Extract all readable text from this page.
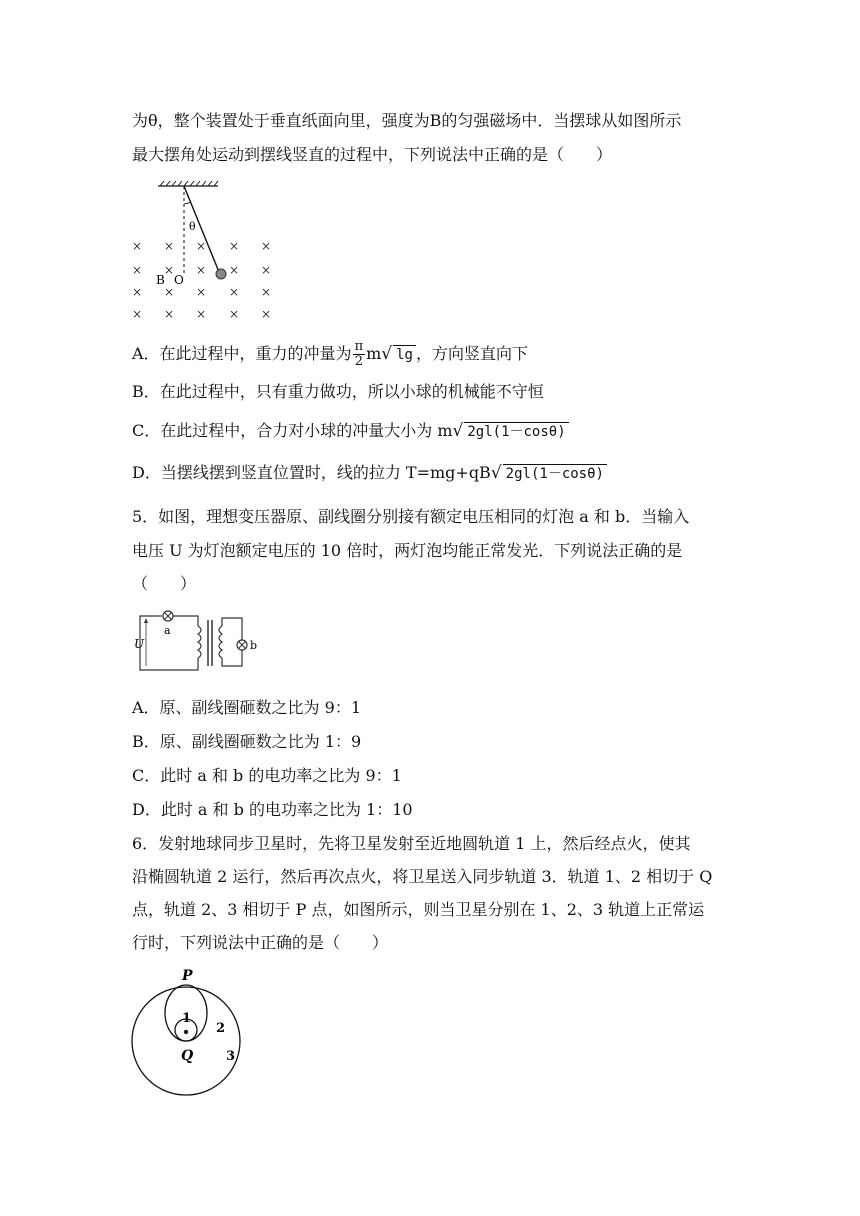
为θ，整个装置处于垂直纸面向里，强度为B的匀强磁场中．当摆球从如图所示
最大摆角处运动到摆线竖直的过程中，下列说法中正确的是（　　）
θ
B O
× × × × ×
× × × × ×
× × × × ×
× × × × ×
A．在此过程中，重力的冲量为 $\frac{\pi}{2} m√$ lg ，方向竖直向下
B．在此过程中，只有重力做功，所以小球的机械能不守恒
C．在此过程中，合力对小球的冲量大小为 m√ 2gl(1－cosθ)
D．当摆线摆到竖直位置时，线的拉力 T=mg+qB√ 2gl(1－cosθ)
5．如图，理想变压器原、副线圈分别接有额定电压相同的灯泡 a 和 b．当输入
电压 U 为灯泡额定电压的 10 倍时，两灯泡均能正常发光．下列说法正确的是
（　　）
U
a
b
A．原、副线圈砸数之比为 9：1
B．原、副线圈砸数之比为 1：9
C．此时 a 和 b 的电功率之比为 9：1
D．此时 a 和 b 的电功率之比为 1：10
6．发射地球同步卫星时，先将卫星发射至近地圆轨道 1 上，然后经点火，使其
沿椭圆轨道 2 运行，然后再次点火，将卫星送入同步轨道 3．轨道 1、2 相切于 Q
点，轨道 2、3 相切于 P 点，如图所示，则当卫星分别在 1、2、3 轨道上正常运
行时，下列说法中正确的是（　　）
P
Q
1
2
3
